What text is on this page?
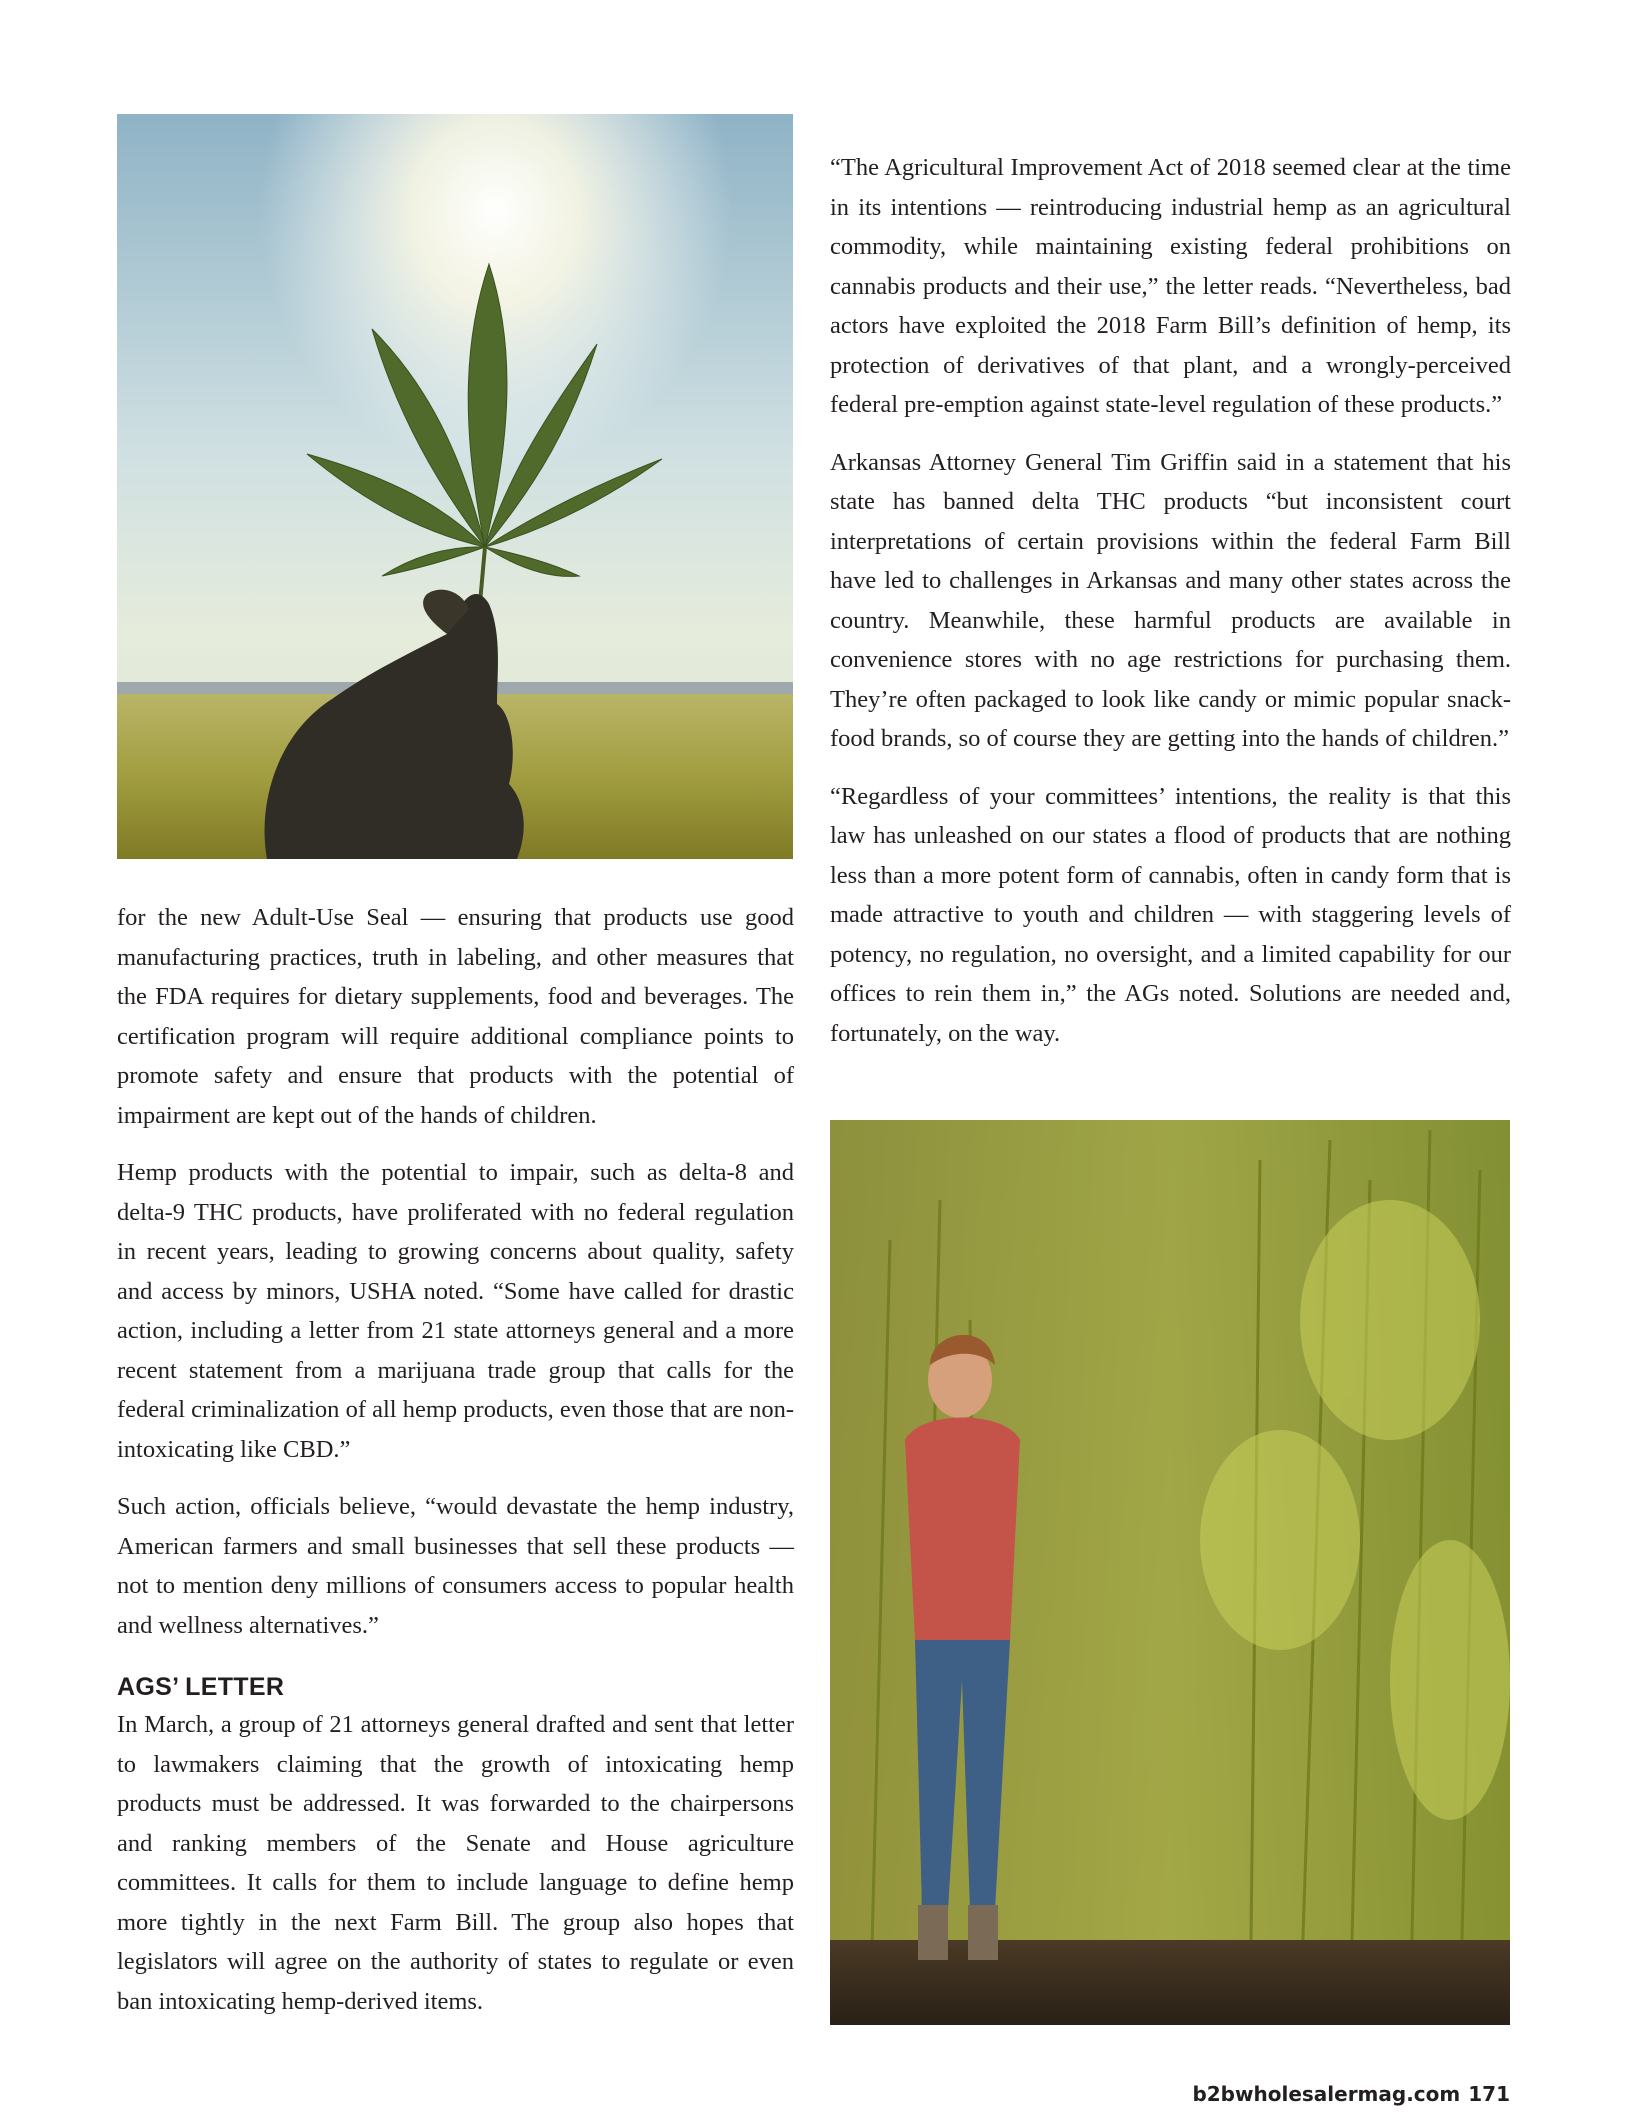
for the new Adult-Use Seal — ensuring that products use good manufacturing practices, truth in labeling, and other measures that the FDA requires for dietary supplements, food and beverages. The certification program will require additional compliance points to promote safety and ensure that products with the potential of impairment are kept out of the hands of children.

Hemp products with the potential to impair, such as delta-8 and delta-9 THC products, have proliferated with no federal regulation in recent years, leading to growing concerns about quality, safety and access by minors, USHA noted. “Some have called for drastic action, including a letter from 21 state attorneys general and a more recent statement from a marijuana trade group that calls for the federal criminalization of all hemp products, even those that are non-intoxicating like CBD.”

Such action, officials believe, “would devastate the hemp industry, American farmers and small businesses that sell these products — not to mention deny millions of consumers access to popular health and wellness alternatives.”

AGS’ LETTER

In March, a group of 21 attorneys general drafted and sent that letter to lawmakers claiming that the growth of intoxicating hemp products must be addressed. It was forwarded to the chairpersons and ranking members of the Senate and House agriculture committees. It calls for them to include language to define hemp more tightly in the next Farm Bill. The group also hopes that legislators will agree on the authority of states to regulate or even ban intoxicating hemp-derived items.

“The Agricultural Improvement Act of 2018 seemed clear at the time in its intentions — reintroducing industrial hemp as an agricultural commodity, while maintaining existing federal prohibitions on cannabis products and their use,” the letter reads. “Nevertheless, bad actors have exploited the 2018 Farm Bill’s definition of hemp, its protection of derivatives of that plant, and a wrongly-perceived federal pre-emption against state-level regulation of these products.”

Arkansas Attorney General Tim Griffin said in a statement that his state has banned delta THC products “but inconsistent court interpretations of certain provisions within the federal Farm Bill have led to challenges in Arkansas and many other states across the country. Meanwhile, these harmful products are available in convenience stores with no age restrictions for purchasing them. They’re often packaged to look like candy or mimic popular snack-food brands, so of course they are getting into the hands of children.”

“Regardless of your committees’ intentions, the reality is that this law has unleashed on our states a flood of products that are nothing less than a more potent form of cannabis, often in candy form that is made attractive to youth and children — with staggering levels of potency, no regulation, no oversight, and a limited capability for our offices to rein them in,” the AGs noted. Solutions are needed and, fortunately, on the way.

b2bwholesalermag.com 171
